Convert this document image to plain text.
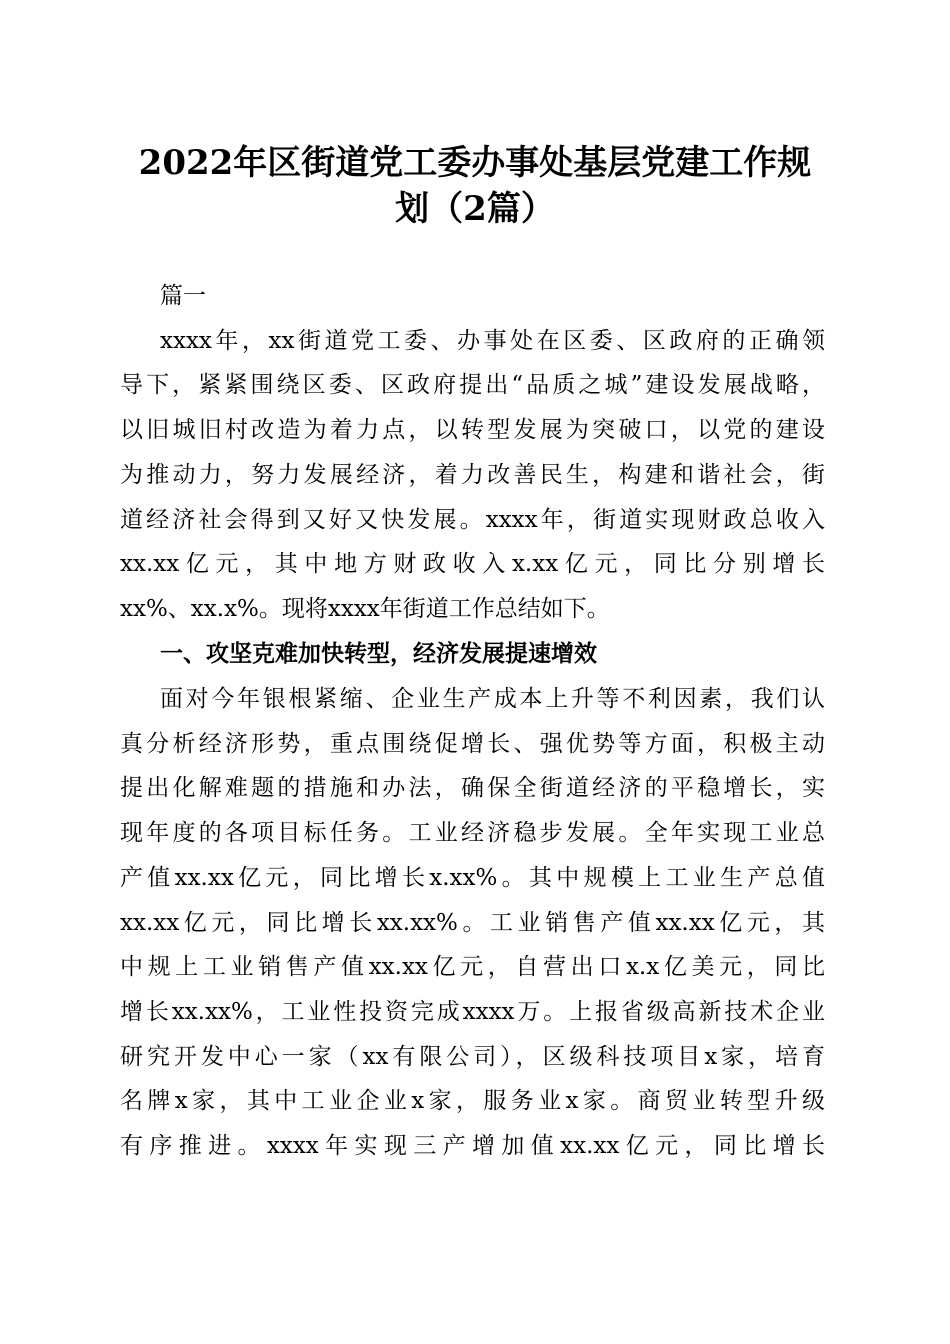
2022年区街道党工委办事处基层党建工作规
划（2篇）
篇一
xxxx年，xx街道党工委、办事处在区委、区政府的正确领
导下，紧紧围绕区委、区政府提出“品质之城”建设发展战略，
以旧城旧村改造为着力点，以转型发展为突破口，以党的建设
为推动力，努力发展经济，着力改善民生，构建和谐社会，街
道经济社会得到又好又快发展。xxxx年，街道实现财政总收入
xx.xx亿元，其中地方财政收入x.xx亿元，同比分别增长
xx%、xx.x%。现将xxxx年街道工作总结如下。
一、攻坚克难加快转型，经济发展提速增效
面对今年银根紧缩、企业生产成本上升等不利因素，我们认
真分析经济形势，重点围绕促增长、强优势等方面，积极主动
提出化解难题的措施和办法，确保全街道经济的平稳增长，实
现年度的各项目标任务。工业经济稳步发展。全年实现工业总
产值xx.xx亿元，同比增长x.xx%。其中规模上工业生产总值
xx.xx亿元，同比增长xx.xx%。工业销售产值xx.xx亿元，其
中规上工业销售产值xx.xx亿元，自营出口x.x亿美元，同比
增长xx.xx%，工业性投资完成xxxx万。上报省级高新技术企业
研究开发中心一家（xx有限公司），区级科技项目x家，培育
名牌x家，其中工业企业x家，服务业x家。商贸业转型升级
有序推进。xxxx年实现三产增加值xx.xx亿元，同比增长
